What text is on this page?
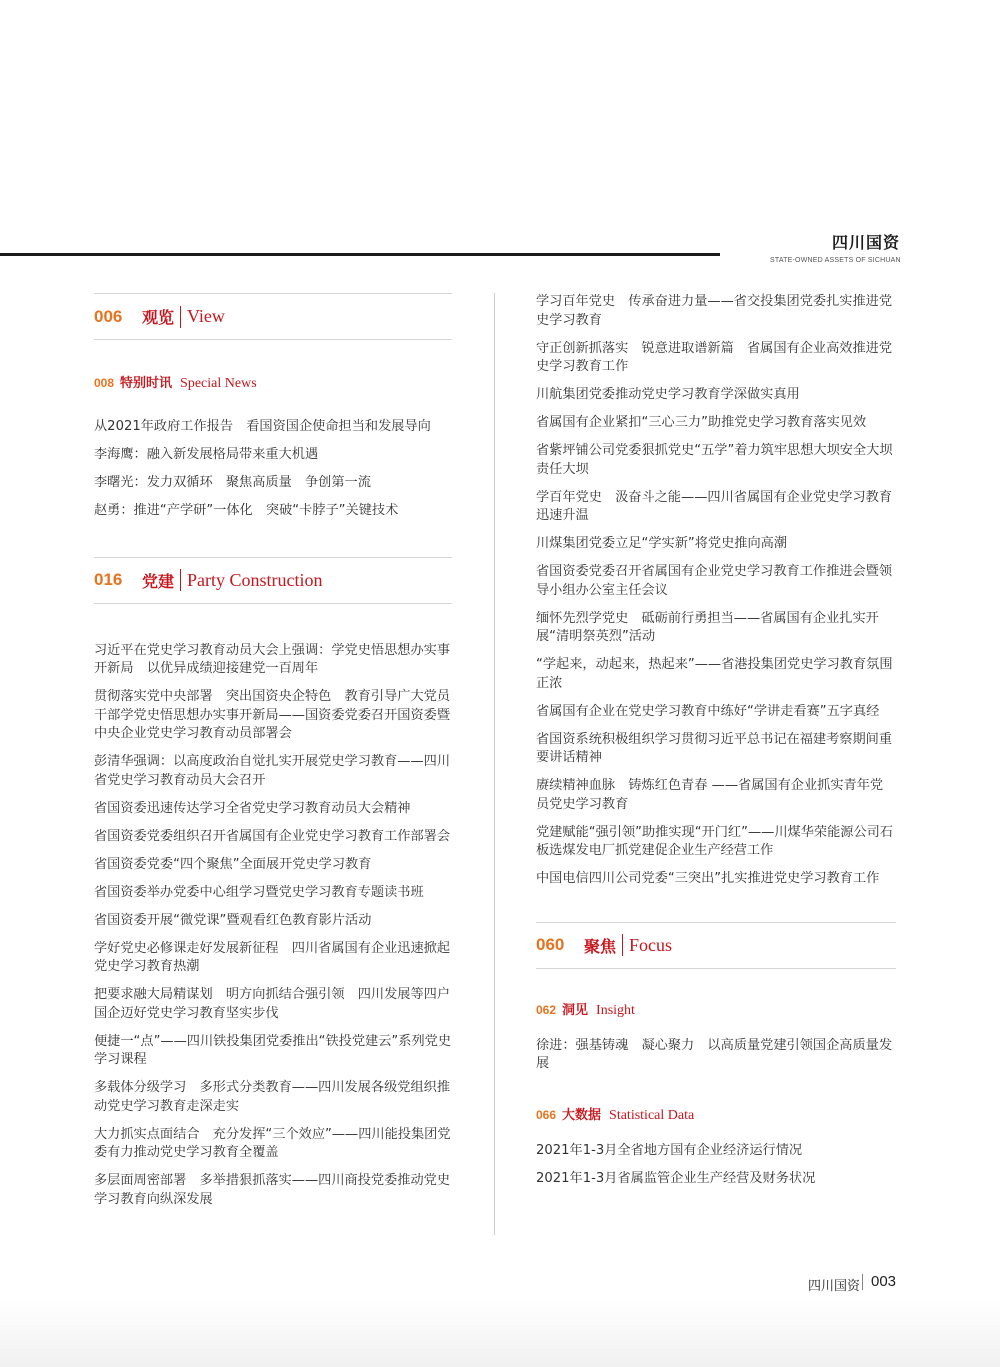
四川国资
STATE-OWNED ASSETS OF SICHUAN
006	观览 View
008 特别时讯 Special News
从2021年政府工作报告　看国资国企使命担当和发展导向
李海鹰：融入新发展格局带来重大机遇
李曙光：发力双循环　聚焦高质量　争创第一流
赵勇：推进“产学研”一体化　突破“卡脖子”关键技术
016	党建 Party Construction
习近平在党史学习教育动员大会上强调：学党史悟思想办实事开新局　以优异成绩迎接建党一百周年
贯彻落实党中央部署　突出国资央企特色　教育引导广大党员干部学党史悟思想办实事开新局——国资委党委召开国资委暨中央企业党史学习教育动员部署会
彭清华强调：以高度政治自觉扎实开展党史学习教育——四川省党史学习教育动员大会召开
省国资委迅速传达学习全省党史学习教育动员大会精神
省国资委党委组织召开省属国有企业党史学习教育工作部署会
省国资委党委“四个聚焦”全面展开党史学习教育
省国资委举办党委中心组学习暨党史学习教育专题读书班
省国资委开展“微党课”暨观看红色教育影片活动
学好党史必修课走好发展新征程　四川省属国有企业迅速掀起党史学习教育热潮
把要求融大局精谋划　明方向抓结合强引领　四川发展等四户国企迈好党史学习教育坚实步伐
便捷一“点”——四川铁投集团党委推出“铁投党建云”系列党史学习课程
多载体分级学习　多形式分类教育——四川发展各级党组织推动党史学习教育走深走实
大力抓实点面结合　充分发挥“三个效应”——四川能投集团党委有力推动党史学习教育全覆盖
多层面周密部署　多举措狠抓落实——四川商投党委推动党史学习教育向纵深发展
学习百年党史　传承奋进力量——省交投集团党委扎实推进党史学习教育
守正创新抓落实　锐意进取谱新篇　省属国有企业高效推进党史学习教育工作
川航集团党委推动党史学习教育学深做实真用
省属国有企业紧扣“三心三力”助推党史学习教育落实见效
省紫坪铺公司党委狠抓党史“五学”着力筑牢思想大坝安全大坝责任大坝
学百年党史　汲奋斗之能——四川省属国有企业党史学习教育迅速升温
川煤集团党委立足“学实新”将党史推向高潮
省国资委党委召开省属国有企业党史学习教育工作推进会暨领导小组办公室主任会议
缅怀先烈学党史　砥砺前行勇担当——省属国有企业扎实开展“清明祭英烈”活动
“学起来，动起来，热起来”——省港投集团党史学习教育氛围正浓
省属国有企业在党史学习教育中练好“学讲走看赛”五字真经
省国资系统积极组织学习贯彻习近平总书记在福建考察期间重要讲话精神
赓续精神血脉　铸炼红色青春 ——省属国有企业抓实青年党员党史学习教育
党建赋能“强引领”助推实现“开门红”——川煤华荣能源公司石板选煤发电厂抓党建促企业生产经营工作
中国电信四川公司党委“三突出”扎实推进党史学习教育工作
060	聚焦 Focus
062 洞见 Insight
徐进：强基铸魂　凝心聚力　以高质量党建引领国企高质量发展
066 大数据 Statistical Data
2021年1-3月全省地方国有企业经济运行情况
2021年1-3月省属监管企业生产经营及财务状况
四川国资 003
